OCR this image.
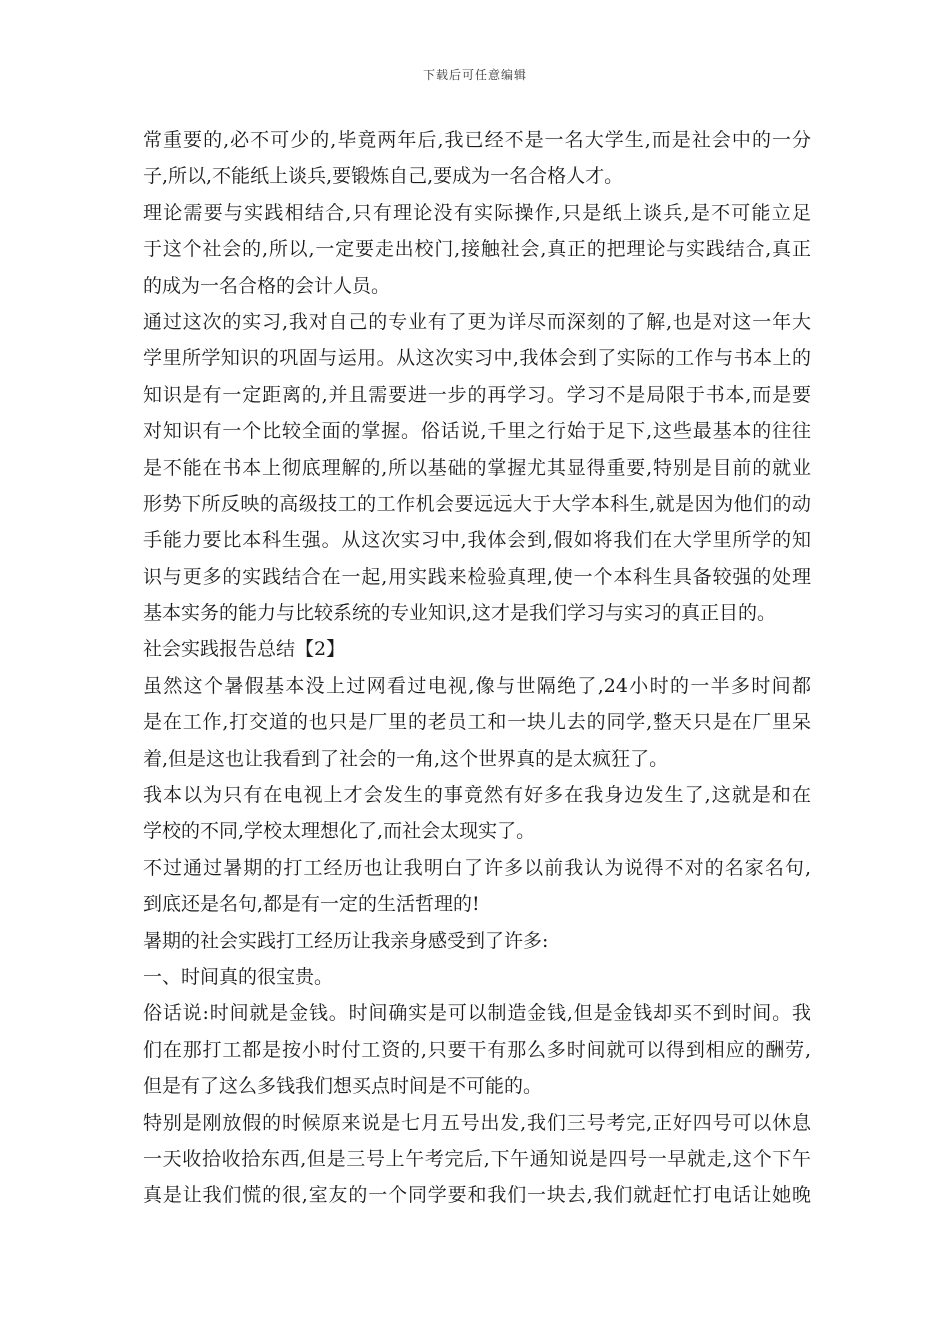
下载后可任意编辑
常重要的,必不可少的,毕竟两年后,我已经不是一名大学生,而是社会中的一分
子,所以,不能纸上谈兵,要锻炼自己,要成为一名合格人才。
理论需要与实践相结合,只有理论没有实际操作,只是纸上谈兵,是不可能立足
于这个社会的,所以,一定要走出校门,接触社会,真正的把理论与实践结合,真正
的成为一名合格的会计人员。
通过这次的实习,我对自己的专业有了更为详尽而深刻的了解,也是对这一年大
学里所学知识的巩固与运用。从这次实习中,我体会到了实际的工作与书本上的
知识是有一定距离的,并且需要进一步的再学习。学习不是局限于书本,而是要
对知识有一个比较全面的掌握。俗话说,千里之行始于足下,这些最基本的往往
是不能在书本上彻底理解的,所以基础的掌握尤其显得重要,特别是目前的就业
形势下所反映的高级技工的工作机会要远远大于大学本科生,就是因为他们的动
手能力要比本科生强。从这次实习中,我体会到,假如将我们在大学里所学的知
识与更多的实践结合在一起,用实践来检验真理,使一个本科生具备较强的处理
基本实务的能力与比较系统的专业知识,这才是我们学习与实习的真正目的。
社会实践报告总结【2】
虽然这个暑假基本没上过网看过电视,像与世隔绝了,24小时的一半多时间都
是在工作,打交道的也只是厂里的老员工和一块儿去的同学,整天只是在厂里呆
着,但是这也让我看到了社会的一角,这个世界真的是太疯狂了。
我本以为只有在电视上才会发生的事竟然有好多在我身边发生了,这就是和在
学校的不同,学校太理想化了,而社会太现实了。
不过通过暑期的打工经历也让我明白了许多以前我认为说得不对的名家名句,
到底还是名句,都是有一定的生活哲理的!
暑期的社会实践打工经历让我亲身感受到了许多:
一、时间真的很宝贵。
俗话说:时间就是金钱。时间确实是可以制造金钱,但是金钱却买不到时间。我
们在那打工都是按小时付工资的,只要干有那么多时间就可以得到相应的酬劳,
但是有了这么多钱我们想买点时间是不可能的。
特别是刚放假的时候原来说是七月五号出发,我们三号考完,正好四号可以休息
一天收拾收拾东西,但是三号上午考完后,下午通知说是四号一早就走,这个下午
真是让我们慌的很,室友的一个同学要和我们一块去,我们就赶忙打电话让她晚
